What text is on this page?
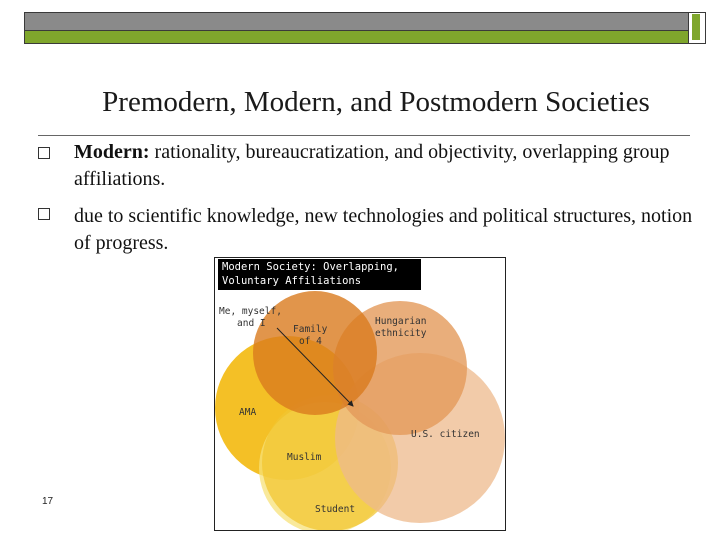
Premodern, Modern, and Postmodern Societies
Modern: rationality, bureaucratization, and objectivity, overlapping group affiliations.
due to scientific knowledge, new technologies and political structures, notion of progress.
17
Me, myself,
and I
Family
of 4
Hungarian
ethnicity
AMA
U.S. citizen
Muslim
Student
Modern Society: Overlapping,
Voluntary Affiliations
